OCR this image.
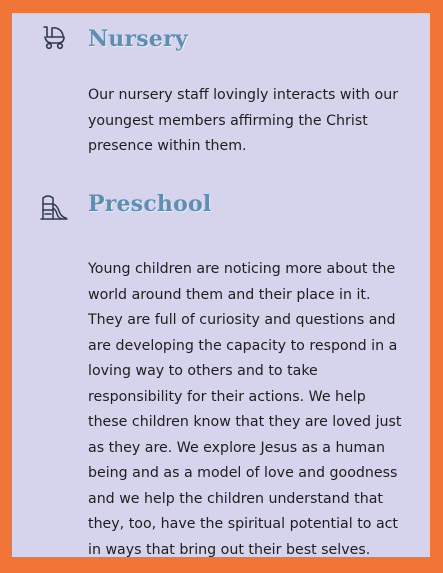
Nursery

Our nursery staff lovingly interacts with our youngest members affirming the Christ presence within them.

Preschool

Young children are noticing more about the world around them and their place in it. They are full of curiosity and questions and are developing the capacity to respond in a loving way to others and to take responsibility for their actions. We help these children know that they are loved just as they are. We explore Jesus as a human being and as a model of love and goodness and we help the children understand that they, too, have the spiritual potential to act in ways that bring out their best selves.
